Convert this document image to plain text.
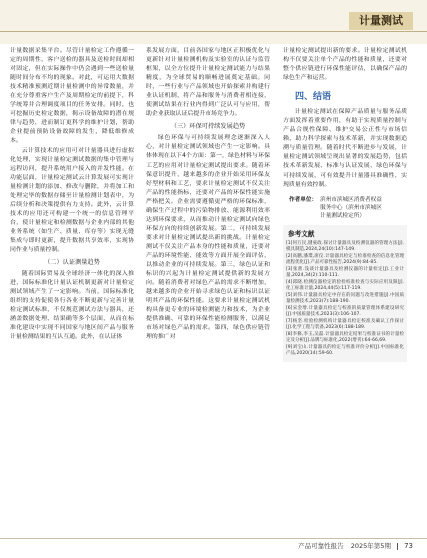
计量测试

计量数据采集平台。尽管计量检定工作遵循一定的周期性，客户送检的器具及送检时间却相对固定，但在实际操作中仍会遇到一些送检量随时间分布不均的现象。对此，可运用大数据技术精准预测近期计量检测中的异常数量，并在充分尊重客户生产及周期检定的前提下，科学统筹并合理调度项目的任务安排。同时，也可挖掘历史检定数据，揭示设备故障的潜在规律与趋势，进而制订更科学的维护计划，帮助企业提前预防设备故障的发生，降低维修成本。

云计算技术的应用可对计量器具进行虚拟化处理，实现计量检定测试数据的集中管理与远程访问，提升系统用户接入的并发性能。在功能层面，计量检定测试云计算发展可实现计量检测计划的添加、修改与删除，并将加工和处理完毕的数据存储至计量检测计划表中，为后续分析和决策提供有力支持。此外，云计算技术的应用还可构建一个统一的信息管理平台，使计量检定和检测数据与企业内部的其他业务系统（如生产、质量、库存等）实现无缝集成与即时更新，提升数据共享效率，实现协同作业与质量控制。

（二）认证测量趋势

随着国际贸易及全球经济一体化的深入推进，国际标准化计量认证机制更新对计量检定测试领域产生了一定影响。当前，国际标准化组织的支持促使各行各业不断更新与完善计量检定测试标准，不仅规范测试方法与器具，还涵盖数据处理、结果确等多个层面，从而在标准化建设中实现不同国家与地区间产品与服务计量检测结果的互认互通。此外，在认证体

系发展方面，目前各国家与地区正积极优化与更新针对计量检测机构及实验室的认证与监管框架，以全方位提升计量检定测试能力与结果精度，为全球贸易的顺畅进展奠定基础。同时，一些行业与产品领域也开始探索并构建行业认证机制，将产品和服务与消费者相连接，使测试结果在行业内得到广泛认可与应用，帮助企业获取认证后提升市场竞争力。

（三）环保可持续发展趋势

绿色环保与可持续发展理念逐渐深入人心，对计量检定测试领域也产生一定影响。具体体现在以下4个方面：第一，绿色材料与环保工艺的应用对计量检定测试提出要求。随着环保意识提升，越来越多的企业开始采用环保友好型材料和工艺，要求计量检定测试不仅关注产品的性能指标，还要对产品的环保性能实施严格把关。企业需要遵循更严格的环保标准，确保生产过程中的污染物排放、能源利用效率达到环保要求，从而推动计量检定测试向绿色环保方向的持续创新发展。第二，可持续发展要求对计量检定测试提出新的挑战。计量检定测试不仅关注产品本身的性能和质量，还要对产品的环境性能、能效等方面开展全面评估，以推动企业的可持续发展。第三，绿色认证和标识的兴起为计量检定测试提供新的发展方向。随着消费者对绿色产品的需求不断增加，越来越多的企业开始寻求绿色认证和标识以证明其产品的环保性能。这要求计量检定测试机构具备更专业的环境检测能力和技术，为企业提供准确、可靠的环保性能检测服务，以满足市场对绿色产品的需求。第四，绿色供应链管理的推广对

计量检定测试提出新的要求。计量检定测试机构不仅要关注单个产品的性能和质量，还要对整个供应链进行环保性能评估，以确保产品的绿色生产和运营。

四、结语

计量检定测试在保障产品质量与服务品质方面发挥着重要作用，有助于实现质量控制与产品合规性保障、维护交易公正性与市场信赖、助力科学探索与技术革新，并实现数据追溯与质量管理。随着时代不断进步与发展，计量检定测试领域呈现出显著的发展趋势，包括技术革新发展、标准与认证发展、绿色环保与可持续发展，可有效提升计量器具准确性，实现质量有效控制。

作者单位： 滨州市滨城区消费者权益
服务中心（滨州市滨城区
计量测试检定所）
参考文献
[1]何万民,键豪政.探讨计量器具及校测仪器的管理方法[J].模具制造,2024,24(10):147-149.
[2]高鹏,潘璟,席仪.计量器具检定与检准检查的信息化管理流程优化[J].产品可靠性报告,2024(9):84-85.
[3]张蕾.浅谈计量器具及检测仪器的计量检定[J].工业计量,2024,34(2):110-111.
[4]邱晓.检测仪器检定的验检校准检查与实际应用及限[J].化工标准计量,2024,44(5):117-119.
[5]刘伟.计量器具检定中存在的问题与改进措施[J].中国质量检测技术,2023(7):188-190.
[6]宋金增.计量器具检定与校准的质量管理体系建设研究[J].中国质量技术,2023(3):106-107.
[7]杨坚.检验检测机构计量器具检定校准及确认工作探讨[J].化学工程与装备,2023(6):188-189.
[8]李修,李玉,吴磊.计量器具检定结果与校准证书的计量检定及分析[J].品牌与标准化,2022(增刊):64-66,69.
[9]刘宝山.计量器具的检定与校准评价分析[J].中国标准化产品,2020(14):59-60.
产品可靠性报告 2025年第5期 73
